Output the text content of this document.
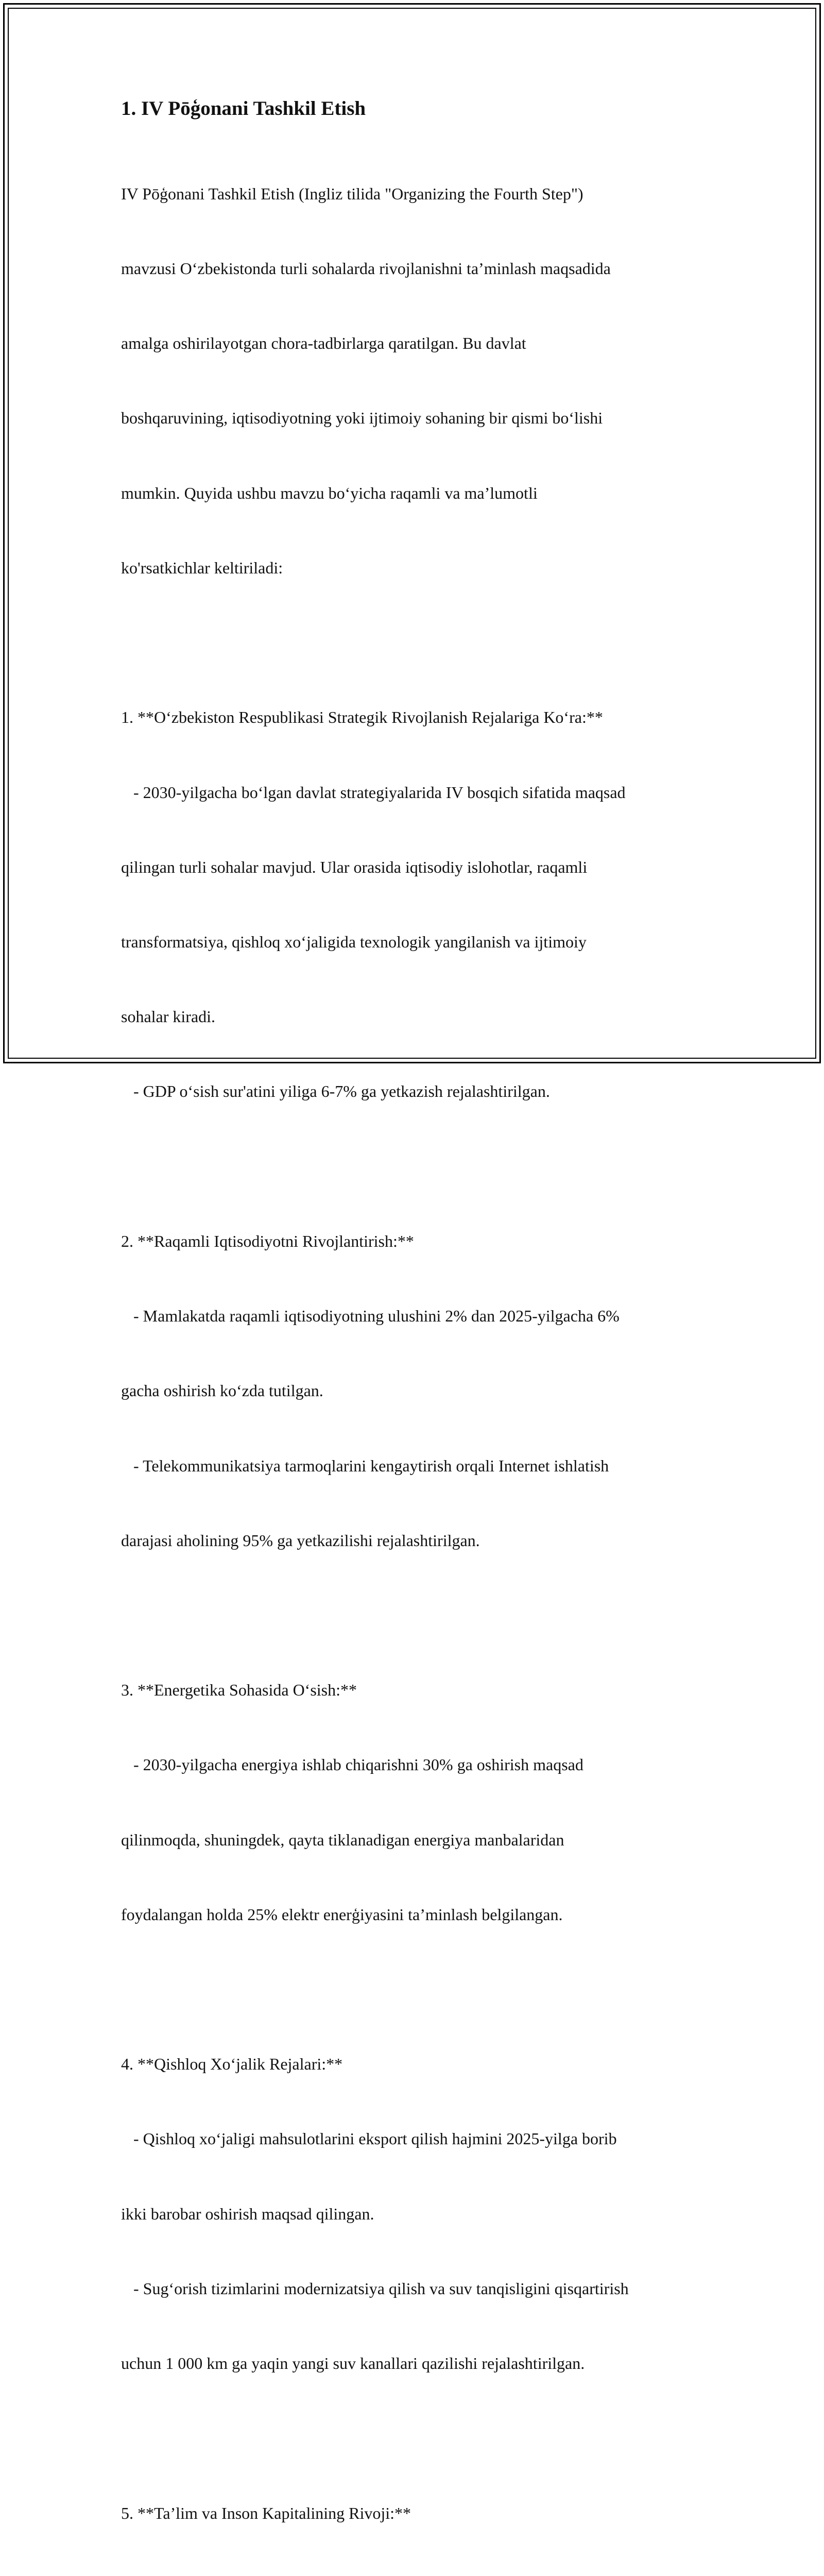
1. IV Pōģonani Tashkil Etish

IV Pōģonani Tashkil Etish (Ingliz tilida "Organizing the Fourth Step")

mavzusi Oʻzbekistonda turli sohalarda rivojlanishni taʼminlash maqsadida

amalga oshirilayotgan chora-tadbirlarga qaratilgan. Bu davlat

boshqaruvining, iqtisodiyotning yoki ijtimoiy sohaning bir qismi boʻlishi

mumkin. Quyida ushbu mavzu boʻyicha raqamli va maʼlumotli

ko'rsatkichlar keltiriladi:

1. **Oʻzbekiston Respublikasi Strategik Rivojlanish Rejalariga Koʻra:**

- 2030-yilgacha boʻlgan davlat strategiyalarida IV bosqich sifatida maqsad

qilingan turli sohalar mavjud. Ular orasida iqtisodiy islohotlar, raqamli

transformatsiya, qishloq xoʻjaligida texnologik yangilanish va ijtimoiy

sohalar kiradi.

- GDP oʻsish sur'atini yiliga 6-7% ga yetkazish rejalashtirilgan.

2. **Raqamli Iqtisodiyotni Rivojlantirish:**

- Mamlakatda raqamli iqtisodiyotning ulushini 2% dan 2025-yilgacha 6%

gacha oshirish koʻzda tutilgan.

- Telekommunikatsiya tarmoqlarini kengaytirish orqali Internet ishlatish

darajasi aholining 95% ga yetkazilishi rejalashtirilgan.

3. **Energetika Sohasida Oʻsish:**

- 2030-yilgacha energiya ishlab chiqarishni 30% ga oshirish maqsad

qilinmoqda, shuningdek, qayta tiklanadigan energiya manbalaridan

foydalangan holda 25% elektr enerģiyasini taʼminlash belgilangan.

4. **Qishloq Xoʻjalik Rejalari:**

- Qishloq xoʻjaligi mahsulotlarini eksport qilish hajmini 2025-yilga borib

ikki barobar oshirish maqsad qilingan.

- Sugʻorish tizimlarini modernizatsiya qilish va suv tanqisligini qisqartirish

uchun 1 000 km ga yaqin yangi suv kanallari qazilishi rejalashtirilgan.

5. **Taʼlim va Inson Kapitalining Rivoji:**
